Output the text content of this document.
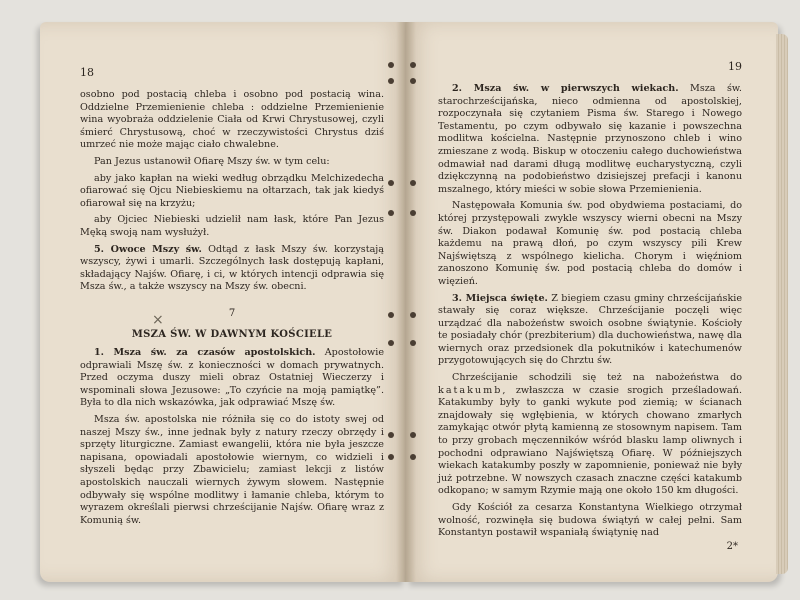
18

osobno pod postacią chleba i osobno pod postacią wina. Oddzielne Przemienienie chleba : oddzielne Przemienienie wina wyobraża oddzielenie Ciała od Krwi Chrystusowej, czyli śmierć Chrystusową, choć w rzeczywistości Chrystus dziś umrzeć nie może mając ciało chwalebne.

Pan Jezus ustanowił Ofiarę Mszy św. w tym celu:

aby jako kapłan na wieki według obrządku Melchizedecha ofiarować się Ojcu Niebieskiemu na ołtarzach, tak jak kiedyś ofiarował się na krzyżu;

aby Ojciec Niebieski udzielił nam łask, które Pan Jezus Męką swoją nam wysłużył.

5. Owoce Mszy św. Odtąd z łask Mszy św. korzystają wszyscy, żywi i umarli. Szczególnych łask dostępują kapłani, składający Najśw. Ofiarę, i ci, w których intencji odprawia się Msza św., a także wszyscy na Mszy św. obecni.

7
MSZA ŚW. W DAWNYM KOŚCIELE

1. Msza św. za czasów apostolskich. Apostołowie odprawiali Mszę św. z konieczności w domach prywatnych. Przed oczyma duszy mieli obraz Ostatniej Wieczerzy i wspominali słowa Jezusowe: „To czyńcie na moją pamiątkę”. Była to dla nich wskazówka, jak odprawiać Mszę św.

Msza św. apostolska nie różniła się co do istoty swej od naszej Mszy św., inne jednak były z natury rzeczy obrzędy i sprzęty liturgiczne. Zamiast ewangelii, która nie była jeszcze napisana, opowiadali apostołowie wiernym, co widzieli i słyszeli będąc przy Zbawicielu; zamiast lekcji z listów apostolskich nauczali wiernych żywym słowem. Następnie odbywały się wspólne modlitwy i łamanie chleba, którym to wyrazem określali pierwsi chrześcijanie Najśw. Ofiarę wraz z Komunią św.

×
19

2. Msza św. w pierwszych wiekach. Msza św. starochrześcijańska, nieco odmienna od apostolskiej, rozpoczynała się czytaniem Pisma św. Starego i Nowego Testamentu, po czym odbywało się kazanie i powszechna modlitwa kościelna. Następnie przynoszono chleb i wino zmieszane z wodą. Biskup w otoczeniu całego duchowieństwa odmawiał nad darami długą modlitwę eucharystyczną, czyli dziękczynną na podobieństwo dzisiejszej prefacji i kanonu mszalnego, który mieści w sobie słowa Przemienienia.

Następowała Komunia św. pod obydwiema postaciami, do której przystępowali zwykle wszyscy wierni obecni na Mszy św. Diakon podawał Komunię św. pod postacią chleba każdemu na prawą dłoń, po czym wszyscy pili Krew Najświętszą z wspólnego kielicha. Chorym i więźniom zanoszono Komunię św. pod postacią chleba do domów i więzień.

3. Miejsca święte. Z biegiem czasu gminy chrześcijańskie stawały się coraz większe. Chrześcijanie poczęli więc urządzać dla nabożeństw swoich osobne świątynie. Kościoły te posiadały chór (prezbiterium) dla duchowieństwa, nawę dla wiernych oraz przedsionek dla pokutników i katechumenów przygotowujących się do Chrztu św.

Chrześcijanie schodzili się też na nabożeństwa do katakumb, zwłaszcza w czasie srogich prześladowań. Katakumby były to ganki wykute pod ziemią; w ścianach znajdowały się wgłębienia, w których chowano zmarłych zamykając otwór płytą kamienną ze stosownym napisem. Tam to przy grobach męczenników wśród blasku lamp oliwnych i pochodni odprawiano Najświętszą Ofiarę. W późniejszych wiekach katakumby poszły w zapomnienie, ponieważ nie były już potrzebne. W nowszych czasach znaczne części katakumb odkopano; w samym Rzymie mają one około 150 km długości.

Gdy Kościół za cesarza Konstantyna Wielkiego otrzymał wolność, rozwinęła się budowa świątyń w całej pełni. Sam Konstantyn postawił wspaniałą świątynię nad

2*
